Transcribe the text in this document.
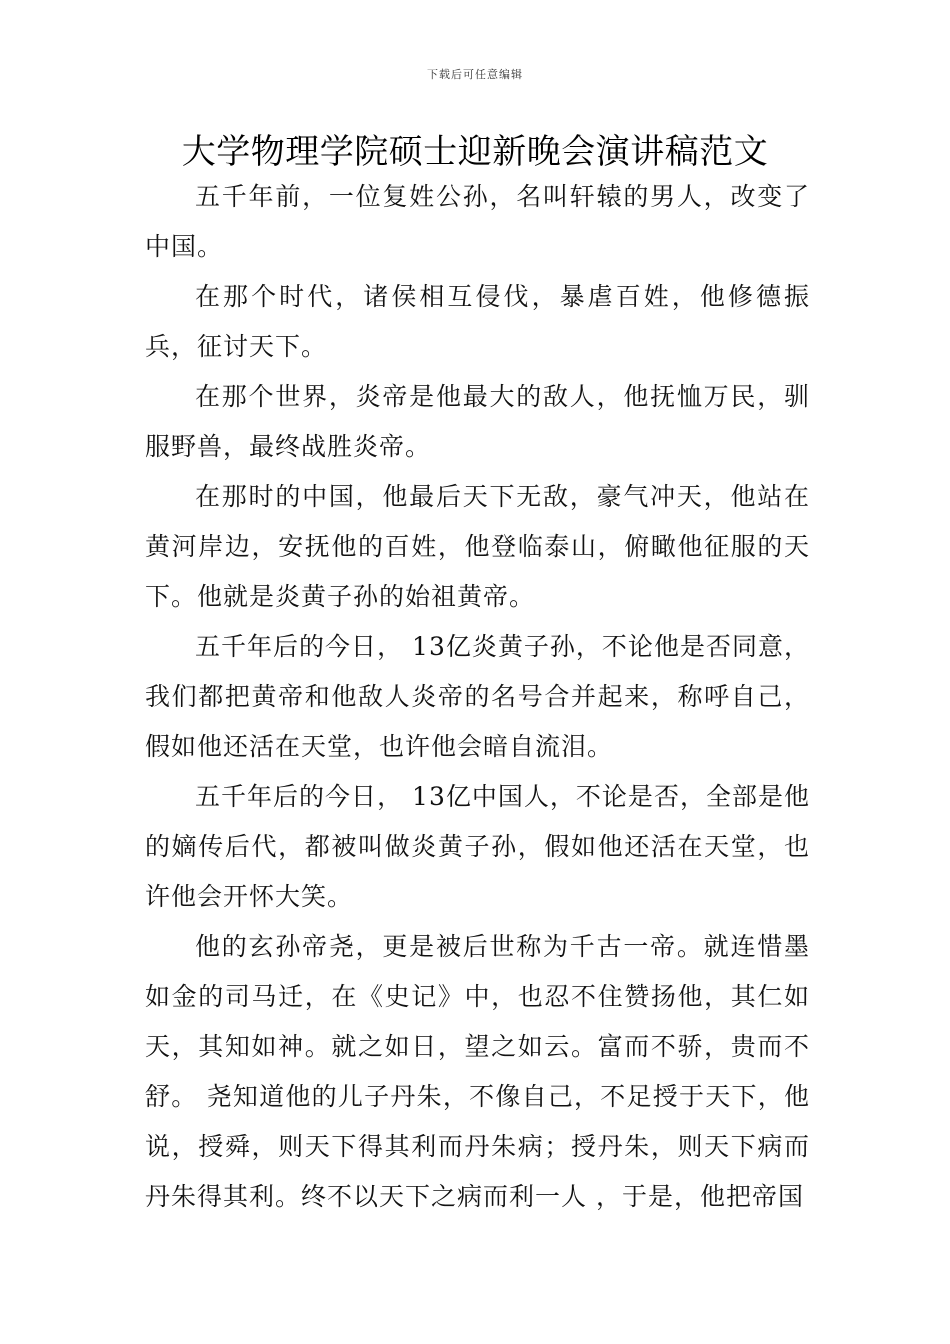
下载后可任意编辑
大学物理学院硕士迎新晚会演讲稿范文

五千年前，一位复姓公孙，名叫轩辕的男人，改变了中国。

在那个时代，诸侯相互侵伐，暴虐百姓，他修德振兵，征讨天下。

在那个世界，炎帝是他最大的敌人，他抚恤万民，驯服野兽，最终战胜炎帝。

在那时的中国，他最后天下无敌，豪气冲天，他站在黄河岸边，安抚他的百姓，他登临泰山，俯瞰他征服的天下。他就是炎黄子孙的始祖黄帝。

五千年后的今日， 13亿炎黄子孙，不论他是否同意，我们都把黄帝和他敌人炎帝的名号合并起来，称呼自己，假如他还活在天堂，也许他会暗自流泪。

五千年后的今日， 13亿中国人，不论是否，全部是他的嫡传后代，都被叫做炎黄子孙，假如他还活在天堂，也许他会开怀大笑。

他的玄孙帝尧，更是被后世称为千古一帝。就连惜墨如金的司马迁，在《史记》中，也忍不住赞扬他，其仁如天，其知如神。就之如日，望之如云。富而不骄，贵而不舒。 尧知道他的儿子丹朱，不像自己，不足授于天下，他说，授舜，则天下得其利而丹朱病；授丹朱，则天下病而丹朱得其利。终不以天下之病而利一人 ，于是，他把帝国
